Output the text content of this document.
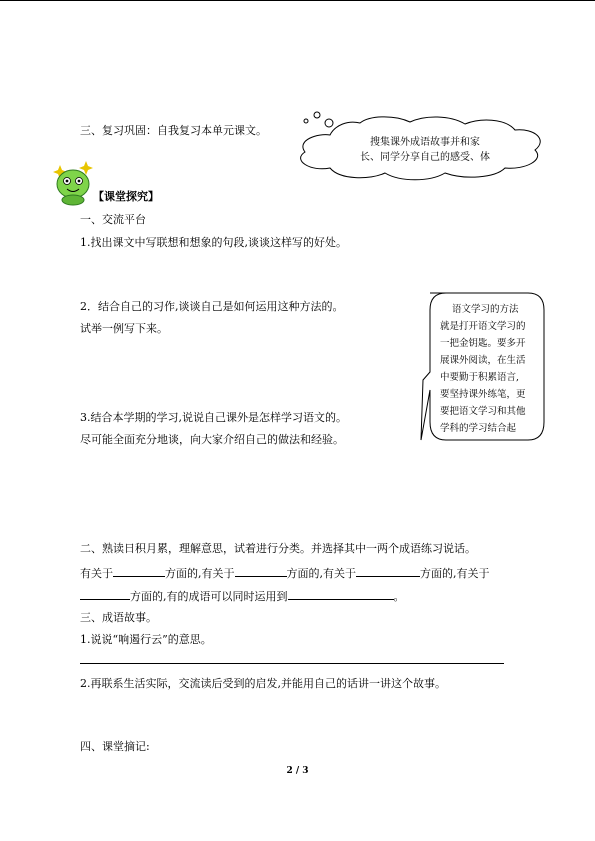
三、复习巩固：自我复习本单元课文。
搜集课外成语故事并和家
长、同学分享自己的感受、体
【课堂探究】
一、交流平台
1.找出课文中写联想和想象的句段,谈谈这样写的好处。
2．结合自己的习作,谈谈自己是如何运用这种方法的。
试举一例写下来。
3.结合本学期的学习,说说自己课外是怎样学习语文的。
尽可能全面充分地谈，向大家介绍自己的做法和经验。
语文学习的方法
就是打开语文学习的
一把金钥匙。要多开
展课外阅读，在生活
中要勤于积累语言,
要坚持课外练笔，更
要把语文学习和其他
学科的学习结合起
二、熟读日积月累，理解意思，试着进行分类。并选择其中一两个成语练习说话。
有关于	方面的,有关于	方面的,有关于	方面的,有关于
方面的,有的成语可以同时运用到	。
三、成语故事。
1.说说“响遏行云”的意思。
2.再联系生活实际，交流读后受到的启发,并能用自己的话讲一讲这个故事。
四、课堂摘记:
2 / 3
